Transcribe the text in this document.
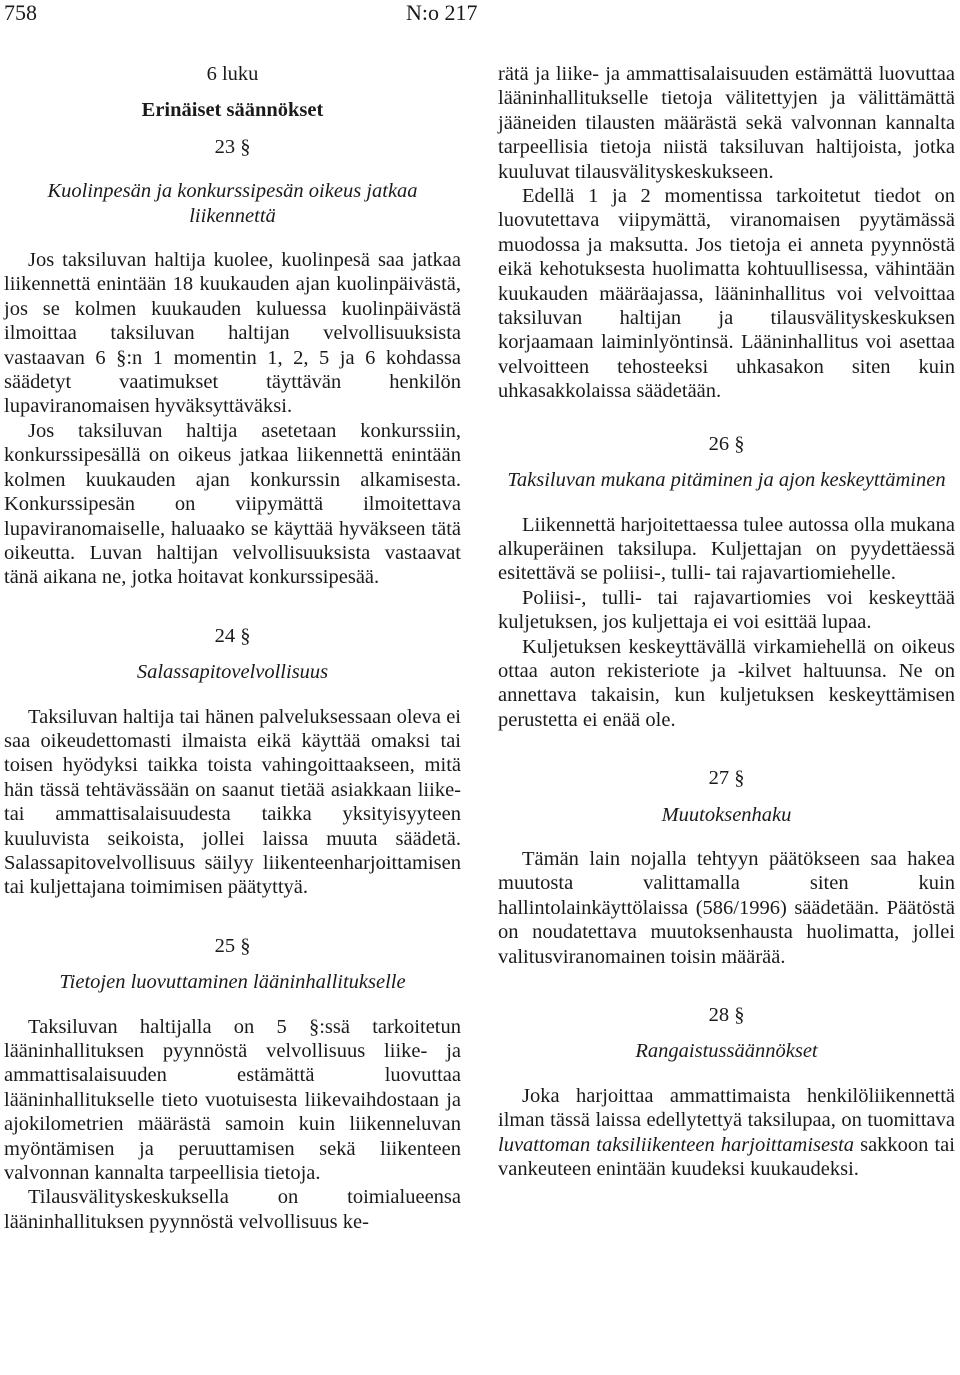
758	N:o 217

6 luku

Erinäiset säännökset

23 §

Kuolinpesän ja konkurssipesän oikeus jatkaa liikennettä

Jos taksiluvan haltija kuolee, kuolinpesä saa jatkaa liikennettä enintään 18 kuukauden ajan kuolinpäivästä, jos se kolmen kuukauden kuluessa kuolinpäivästä ilmoittaa taksiluvan haltijan velvollisuuksista vastaavan 6 §:n 1 momentin 1, 2, 5 ja 6 kohdassa säädetyt vaatimukset täyttävän henkilön lupaviranomaisen hyväksyttäväksi.

Jos taksiluvan haltija asetetaan konkurssiin, konkurssipesällä on oikeus jatkaa liikennettä enintään kolmen kuukauden ajan konkurssin alkamisesta. Konkurssipesän on viipymättä ilmoitettava lupaviranomaiselle, haluaako se käyttää hyväkseen tätä oikeutta. Luvan haltijan velvollisuuksista vastaavat tänä aikana ne, jotka hoitavat konkurssipesää.

24 §

Salassapitovelvollisuus

Taksiluvan haltija tai hänen palveluksessaan oleva ei saa oikeudettomasti ilmaista eikä käyttää omaksi tai toisen hyödyksi taikka toista vahingoittaakseen, mitä hän tässä tehtävässään on saanut tietää asiakkaan liike- tai ammattisalaisuudesta taikka yksityisyyteen kuuluvista seikoista, jollei laissa muuta säädetä. Salassapitovelvollisuus säilyy liikenteenharjoittamisen tai kuljettajana toimimisen päätyttyä.

25 §

Tietojen luovuttaminen lääninhallitukselle

Taksiluvan haltijalla on 5 §:ssä tarkoitetun lääninhallituksen pyynnöstä velvollisuus liike- ja ammattisalaisuuden estämättä luovuttaa lääninhallitukselle tieto vuotuisesta liikevaihdostaan ja ajokilometrien määrästä samoin kuin liikenneluvan myöntämisen ja peruuttamisen sekä liikenteen valvonnan kannalta tarpeellisia tietoja.

Tilausvälityskeskuksella on toimialueensa lääninhallituksen pyynnöstä velvollisuus ke-

rätä ja liike- ja ammattisalaisuuden estämättä luovuttaa lääninhallitukselle tietoja välitettyjen ja välittämättä jääneiden tilausten määrästä sekä valvonnan kannalta tarpeellisia tietoja niistä taksiluvan haltijoista, jotka kuuluvat tilausvälityskeskukseen.

Edellä 1 ja 2 momentissa tarkoitetut tiedot on luovutettava viipymättä, viranomaisen pyytämässä muodossa ja maksutta. Jos tietoja ei anneta pyynnöstä eikä kehotuksesta huolimatta kohtuullisessa, vähintään kuukauden määräajassa, lääninhallitus voi velvoittaa taksiluvan haltijan ja tilausvälityskeskuksen korjaamaan laiminlyöntinsä. Lääninhallitus voi asettaa velvoitteen tehosteeksi uhkasakon siten kuin uhkasakkolaissa säädetään.

26 §

Taksiluvan mukana pitäminen ja ajon keskeyttäminen

Liikennettä harjoitettaessa tulee autossa olla mukana alkuperäinen taksilupa. Kuljettajan on pyydettäessä esitettävä se poliisi-, tulli- tai rajavartiomiehelle.

Poliisi-, tulli- tai rajavartiomies voi keskeyttää kuljetuksen, jos kuljettaja ei voi esittää lupaa.

Kuljetuksen keskeyttävällä virkamiehellä on oikeus ottaa auton rekisteriote ja -kilvet haltuunsa. Ne on annettava takaisin, kun kuljetuksen keskeyttämisen perustetta ei enää ole.

27 §

Muutoksenhaku

Tämän lain nojalla tehtyyn päätökseen saa hakea muutosta valittamalla siten kuin hallintolainkäyttölaissa (586/1996) säädetään. Päätöstä on noudatettava muutoksenhausta huolimatta, jollei valitusviranomainen toisin määrää.

28 §

Rangaistussäännökset

Joka harjoittaa ammattimaista henkilöliikennettä ilman tässä laissa edellytettyä taksilupaa, on tuomittava luvattoman taksiliikenteen harjoittamisesta sakkoon tai vankeuteen enintään kuudeksi kuukaudeksi.
